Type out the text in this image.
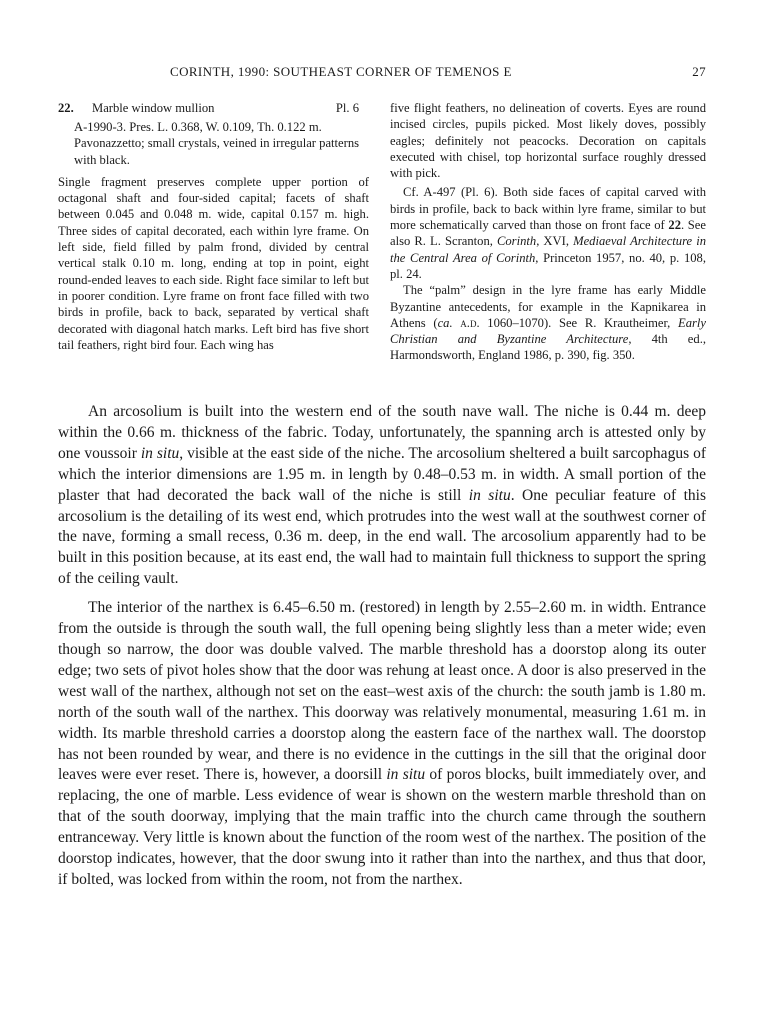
CORINTH, 1990: SOUTHEAST CORNER OF TEMENOS E	27
22. Marble window mullion	Pl. 6

A-1990-3. Pres. L. 0.368, W. 0.109, Th. 0.122 m. Pavonazzetto; small crystals, veined in irregular patterns with black.

Single fragment preserves complete upper portion of octagonal shaft and four-sided capital; facets of shaft between 0.045 and 0.048 m. wide, capital 0.157 m. high. Three sides of capital decorated, each within lyre frame. On left side, field filled by palm frond, divided by central vertical stalk 0.10 m. long, ending at top in point, eight round-ended leaves to each side. Right face similar to left but in poorer condition. Lyre frame on front face filled with two birds in profile, back to back, separated by vertical shaft decorated with diagonal hatch marks. Left bird has five short tail feathers, right bird four. Each wing has

five flight feathers, no delineation of coverts. Eyes are round incised circles, pupils picked. Most likely doves, possibly eagles; definitely not peacocks. Decoration on capitals executed with chisel, top horizontal surface roughly dressed with pick.

Cf. A-497 (Pl. 6). Both side faces of capital carved with birds in profile, back to back within lyre frame, similar to but more schematically carved than those on front face of 22. See also R. L. Scranton, Corinth, XVI, Mediaeval Architecture in the Central Area of Corinth, Princeton 1957, no. 40, p. 108, pl. 24.

The “palm” design in the lyre frame has early Middle Byzantine antecedents, for example in the Kapnikarea in Athens (ca. a.d. 1060–1070). See R. Krautheimer, Early Christian and Byzantine Architecture, 4th ed., Harmondsworth, England 1986, p. 390, fig. 350.

An arcosolium is built into the western end of the south nave wall. The niche is 0.44 m. deep within the 0.66 m. thickness of the fabric. Today, unfortunately, the spanning arch is attested only by one voussoir in situ, visible at the east side of the niche. The arcosolium sheltered a built sarcophagus of which the interior dimensions are 1.95 m. in length by 0.48–0.53 m. in width. A small portion of the plaster that had decorated the back wall of the niche is still in situ. One peculiar feature of this arcosolium is the detailing of its west end, which protrudes into the west wall at the southwest corner of the nave, forming a small recess, 0.36 m. deep, in the end wall. The arcosolium apparently had to be built in this position because, at its east end, the wall had to maintain full thickness to support the spring of the ceiling vault.

The interior of the narthex is 6.45–6.50 m. (restored) in length by 2.55–2.60 m. in width. Entrance from the outside is through the south wall, the full opening being slightly less than a meter wide; even though so narrow, the door was double valved. The marble threshold has a doorstop along its outer edge; two sets of pivot holes show that the door was rehung at least once. A door is also preserved in the west wall of the narthex, although not set on the east–west axis of the church: the south jamb is 1.80 m. north of the south wall of the narthex. This doorway was relatively monumental, measuring 1.61 m. in width. Its marble threshold carries a doorstop along the eastern face of the narthex wall. The doorstop has not been rounded by wear, and there is no evidence in the cuttings in the sill that the original door leaves were ever reset. There is, however, a doorsill in situ of poros blocks, built immediately over, and replacing, the one of marble. Less evidence of wear is shown on the western marble threshold than on that of the south doorway, implying that the main traffic into the church came through the southern entranceway. Very little is known about the function of the room west of the narthex. The position of the doorstop indicates, however, that the door swung into it rather than into the narthex, and thus that door, if bolted, was locked from within the room, not from the narthex.
